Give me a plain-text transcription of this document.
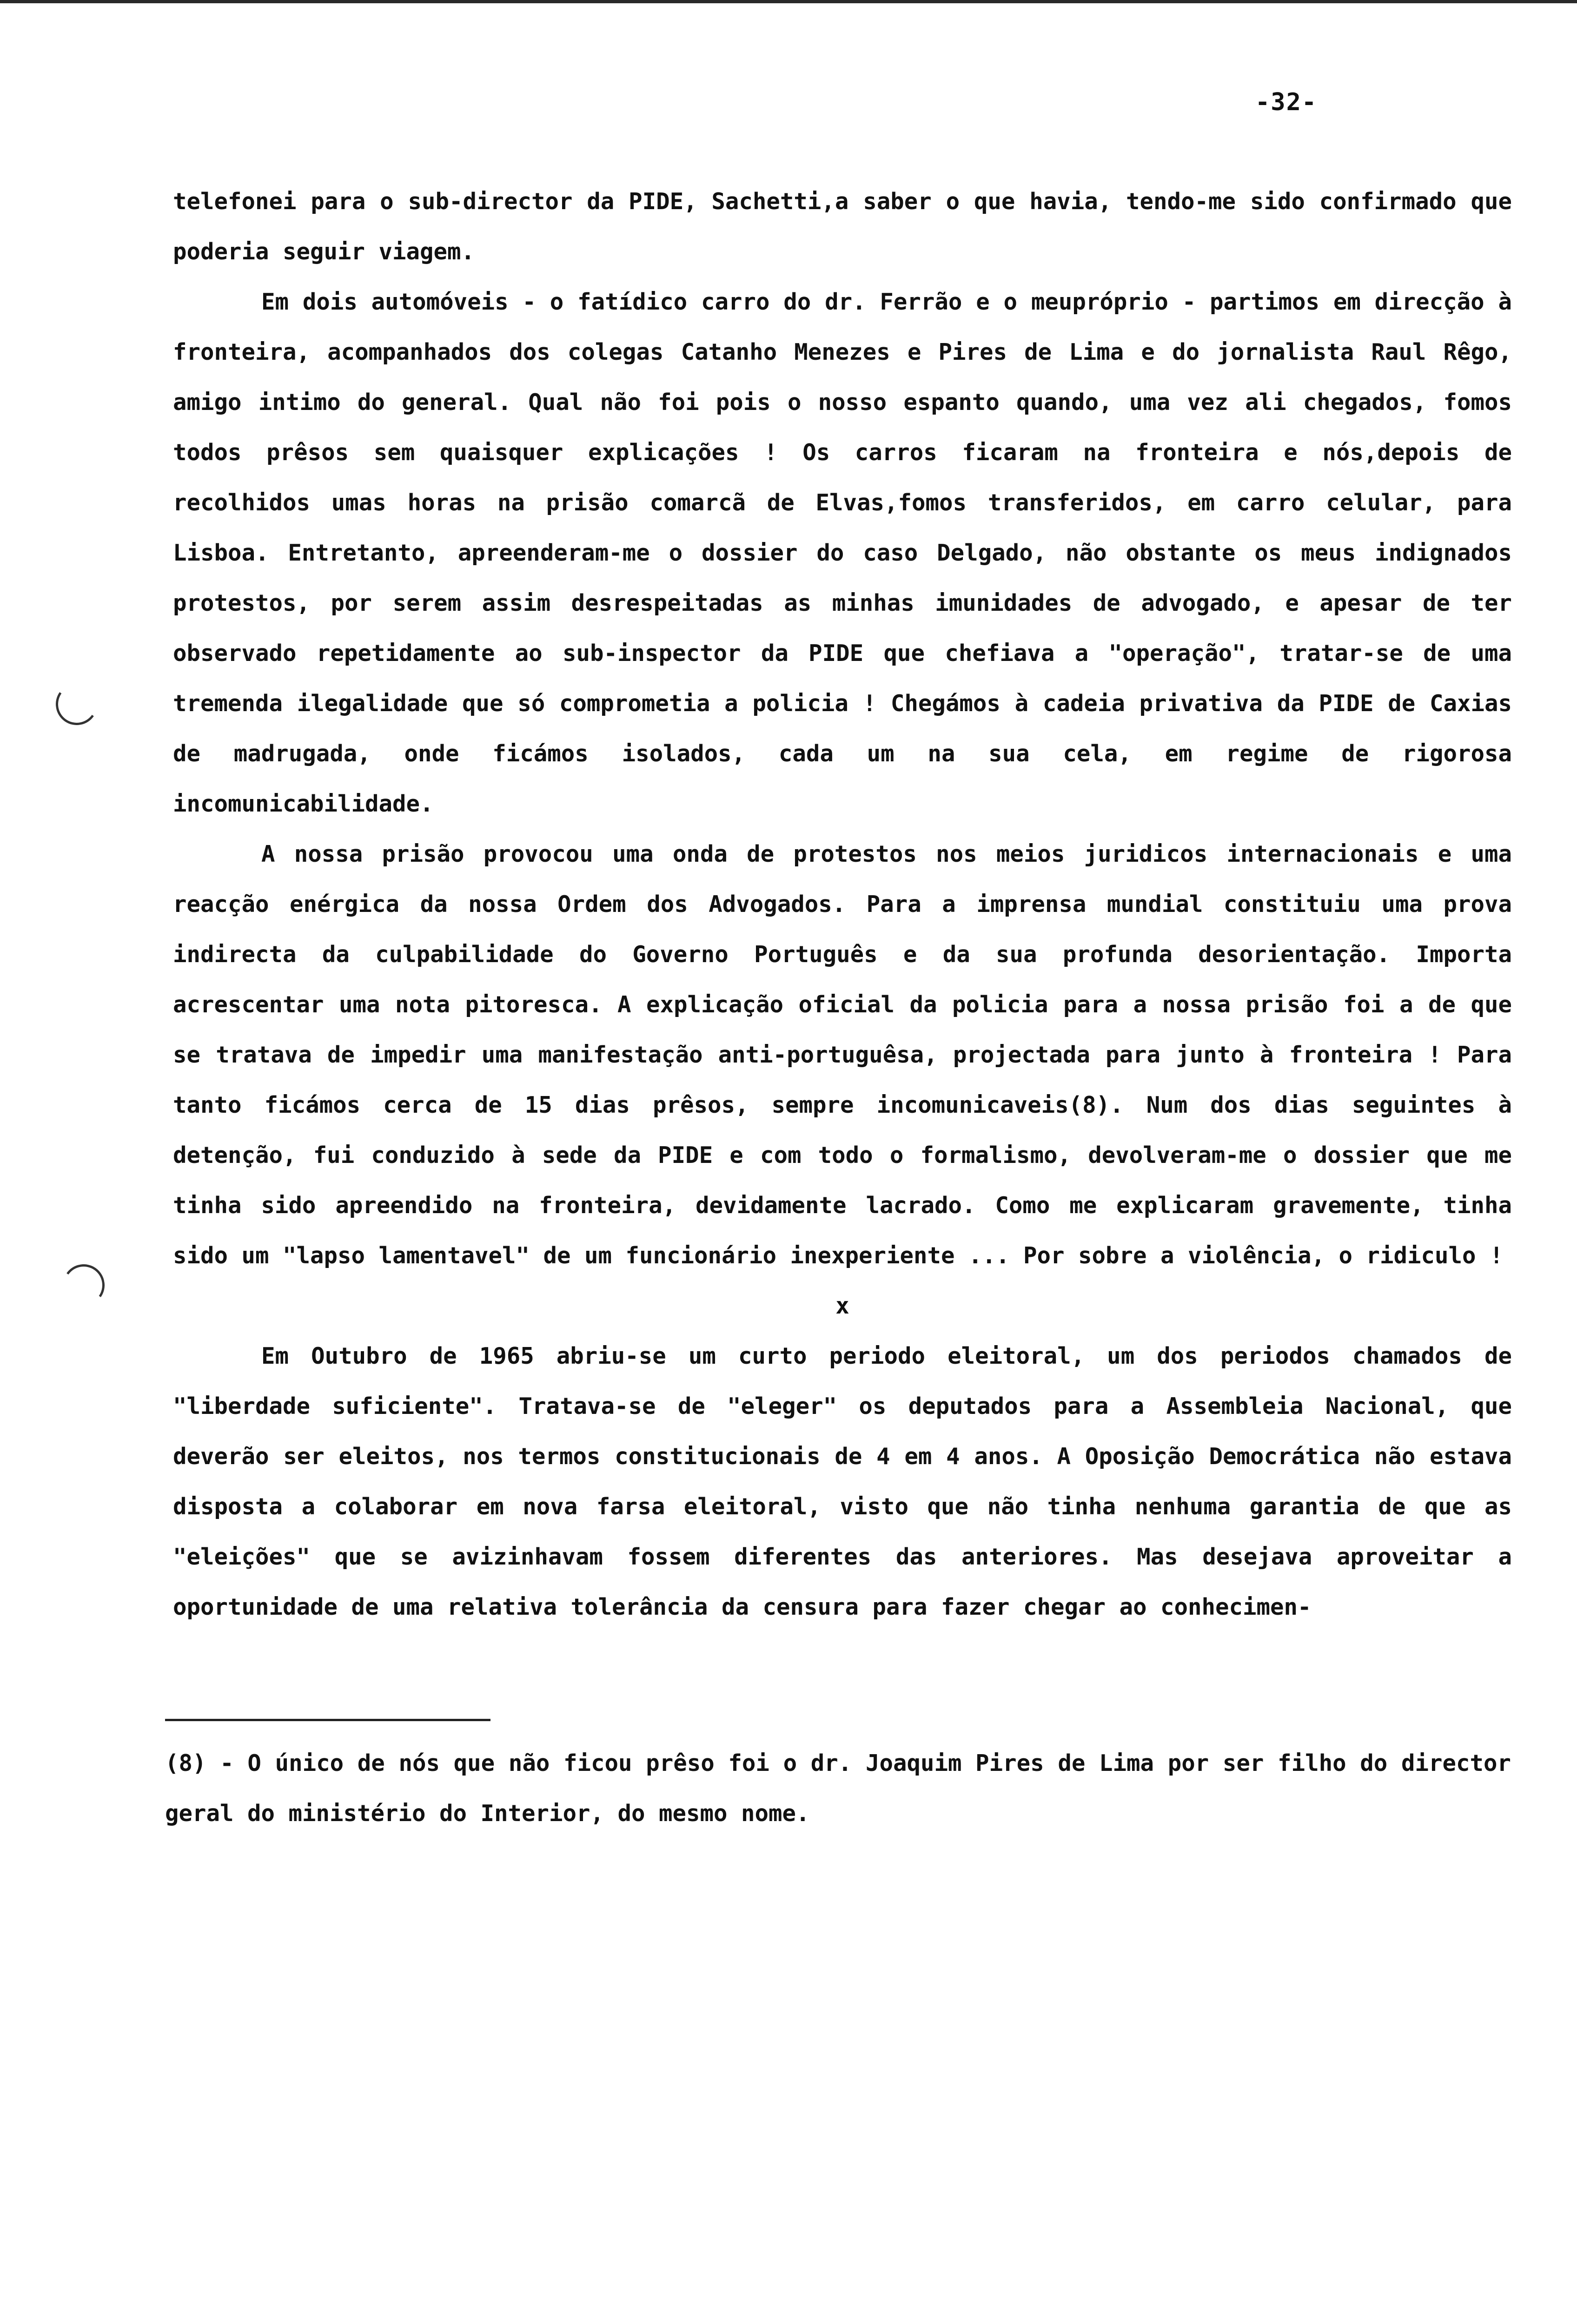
-32-

telefonei para o sub-director da PIDE, Sachetti,a saber o que havia, tendo-me sido confirmado que poderia seguir viagem.

Em dois automóveis - o fatídico carro do dr. Ferrão e o meupróprio - partimos em direcção à fronteira, acompanhados dos colegas Catanho Menezes e Pires de Lima e do jornalista Raul Rêgo, amigo intimo do general. Qual não foi pois o nosso espanto quando, uma vez ali chegados, fomos todos prêsos sem quaisquer explicações ! Os carros ficaram na fronteira e nós,depois de recolhidos umas horas na prisão comarcã de Elvas,fomos transferidos, em carro celular, para Lisboa. Entretanto, apreenderam-me o dossier do caso Delgado, não obstante os meus indignados protestos, por serem assim desrespeitadas as minhas imunidades de advogado, e apesar de ter observado repetidamente ao sub-inspector da PIDE que chefiava a "operação", tratar-se de uma tremenda ilegalidade que só comprometia a policia ! Chegámos à cadeia privativa da PIDE de Caxias de madrugada, onde ficámos isolados, cada um na sua cela, em regime de rigorosa incomunicabilidade.

A nossa prisão provocou uma onda de protestos nos meios juridicos internacionais e uma reacção enérgica da nossa Ordem dos Advogados. Para a imprensa mundial constituiu uma prova indirecta da culpabilidade do Governo Português e da sua profunda desorientação. Importa acrescentar uma nota pitoresca. A explicação oficial da policia para a nossa prisão foi a de que se tratava de impedir uma manifestação anti-portuguêsa, projectada para junto à fronteira ! Para tanto ficámos cerca de 15 dias prêsos, sempre incomunicaveis(8). Num dos dias seguintes à detenção, fui conduzido à sede da PIDE e com todo o formalismo, devolveram-me o dossier que me tinha sido apreendido na fronteira, devidamente lacrado. Como me explicaram gravemente, tinha sido um "lapso lamentavel" de um funcionário inexperiente ... Por sobre a violência, o ridiculo !

x

Em Outubro de 1965 abriu-se um curto periodo eleitoral, um dos periodos chamados de "liberdade suficiente". Tratava-se de "eleger" os deputados para a Assembleia Nacional, que deverão ser eleitos, nos termos constitucionais de 4 em 4 anos. A Oposição Democrática não estava disposta a colaborar em nova farsa eleitoral, visto que não tinha nenhuma garantia de que as "eleições" que se avizinhavam fossem diferentes das anteriores. Mas desejava aproveitar a oportunidade de uma relativa tolerância da censura para fazer chegar ao conhecimen-

(8) - O único de nós que não ficou prêso foi o dr. Joaquim Pires de Lima por ser filho do director geral do ministério do Interior, do mesmo nome.
